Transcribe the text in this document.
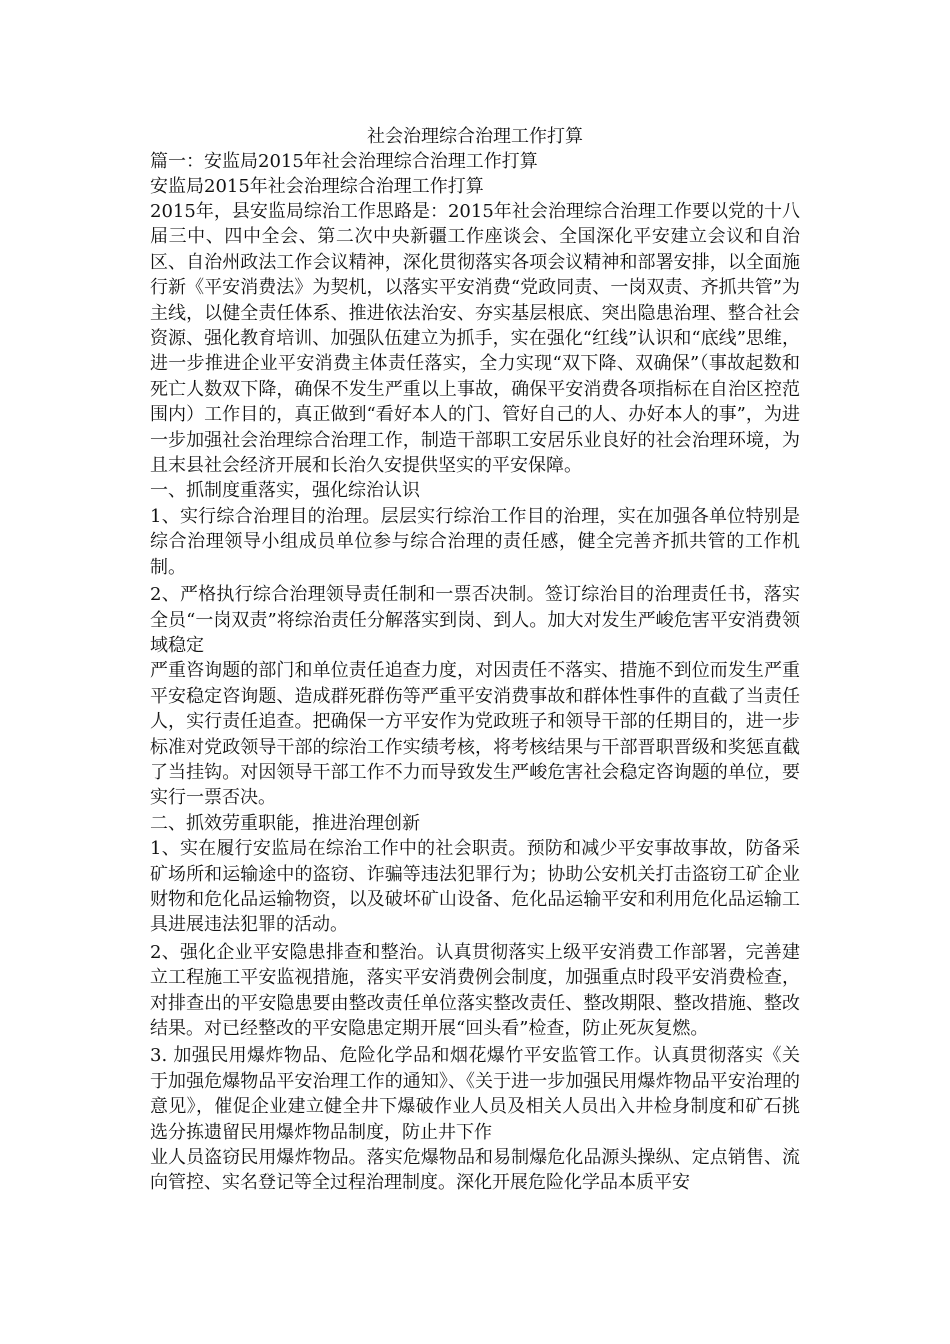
社会治理综合治理工作打算

篇一：安监局2015年社会治理综合治理工作打算

安监局2015年社会治理综合治理工作打算

2015年，县安监局综治工作思路是：2015年社会治理综合治理工作要以党的十八届三中、四中全会、第二次中央新疆工作座谈会、全国深化平安建立会议和自治区、自治州政法工作会议精神，深化贯彻落实各项会议精神和部署安排，以全面施行新《平安消费法》为契机，以落实平安消费“党政同责、一岗双责、齐抓共管”为主线，以健全责任体系、推进依法治安、夯实基层根底、突出隐患治理、整合社会资源、强化教育培训、加强队伍建立为抓手，实在强化“红线”认识和“底线”思维，进一步推进企业平安消费主体责任落实，全力实现“双下降、双确保”（事故起数和死亡人数双下降，确保不发生严重以上事故，确保平安消费各项指标在自治区控范围内）工作目的，真正做到“看好本人的门、管好自己的人、办好本人的事”，为进一步加强社会治理综合治理工作，制造干部职工安居乐业良好的社会治理环境，为且末县社会经济开展和长治久安提供坚实的平安保障。

一、抓制度重落实，强化综治认识

1、实行综合治理目的治理。层层实行综治工作目的治理，实在加强各单位特别是综合治理领导小组成员单位参与综合治理的责任感，健全完善齐抓共管的工作机制。

2、严格执行综合治理领导责任制和一票否决制。签订综治目的治理责任书，落实全员“一岗双责”将综治责任分解落实到岗、到人。加大对发生严峻危害平安消费领域稳定

严重咨询题的部门和单位责任追查力度，对因责任不落实、措施不到位而发生严重平安稳定咨询题、造成群死群伤等严重平安消费事故和群体性事件的直截了当责任人，实行责任追查。把确保一方平安作为党政班子和领导干部的任期目的，进一步标准对党政领导干部的综治工作实绩考核，将考核结果与干部晋职晋级和奖惩直截了当挂钩。对因领导干部工作不力而导致发生严峻危害社会稳定咨询题的单位，要实行一票否决。

二、抓效劳重职能，推进治理创新

1、实在履行安监局在综治工作中的社会职责。预防和减少平安事故事故，防备采矿场所和运输途中的盗窃、诈骗等违法犯罪行为；协助公安机关打击盗窃工矿企业财物和危化品运输物资，以及破坏矿山设备、危化品运输平安和利用危化品运输工具进展违法犯罪的活动。

2、强化企业平安隐患排查和整治。认真贯彻落实上级平安消费工作部署，完善建立工程施工平安监视措施，落实平安消费例会制度，加强重点时段平安消费检查，对排查出的平安隐患要由整改责任单位落实整改责任、整改期限、整改措施、整改结果。对已经整改的平安隐患定期开展“回头看”检查，防止死灰复燃。

3. 加强民用爆炸物品、危险化学品和烟花爆竹平安监管工作。认真贯彻落实《关于加强危爆物品平安治理工作的通知》、《关于进一步加强民用爆炸物品平安治理的意见》，催促企业建立健全井下爆破作业人员及相关人员出入井检身制度和矿石挑选分拣遗留民用爆炸物品制度，防止井下作

业人员盗窃民用爆炸物品。落实危爆物品和易制爆危化品源头操纵、定点销售、流向管控、实名登记等全过程治理制度。深化开展危险化学品本质平安
